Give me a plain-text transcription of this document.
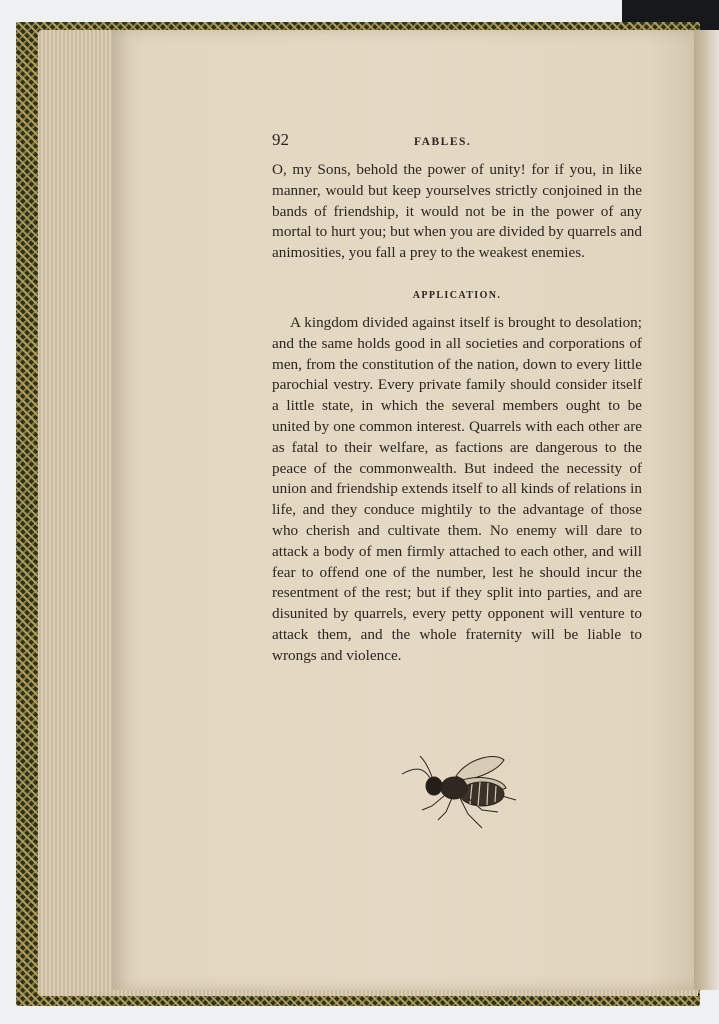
92	FABLES.

O, my Sons, behold the power of unity! for if you, in like manner, would but keep yourselves strictly conjoined in the bands of friendship, it would not be in the power of any mortal to hurt you; but when you are divided by quarrels and animosities, you fall a prey to the weakest enemies.

APPLICATION.

A kingdom divided against itself is brought to desolation; and the same holds good in all societies and corporations of men, from the constitution of the nation, down to every little parochial vestry. Every private family should consider itself a little state, in which the several members ought to be united by one common interest. Quarrels with each other are as fatal to their welfare, as factions are dangerous to the peace of the commonwealth. But indeed the necessity of union and friendship extends itself to all kinds of relations in life, and they conduce mightily to the advantage of those who cherish and cultivate them. No enemy will dare to attack a body of men firmly attached to each other, and will fear to offend one of the number, lest he should incur the resentment of the rest; but if they split into parties, and are disunited by quarrels, every petty opponent will venture to attack them, and the whole fraternity will be liable to wrongs and violence.
